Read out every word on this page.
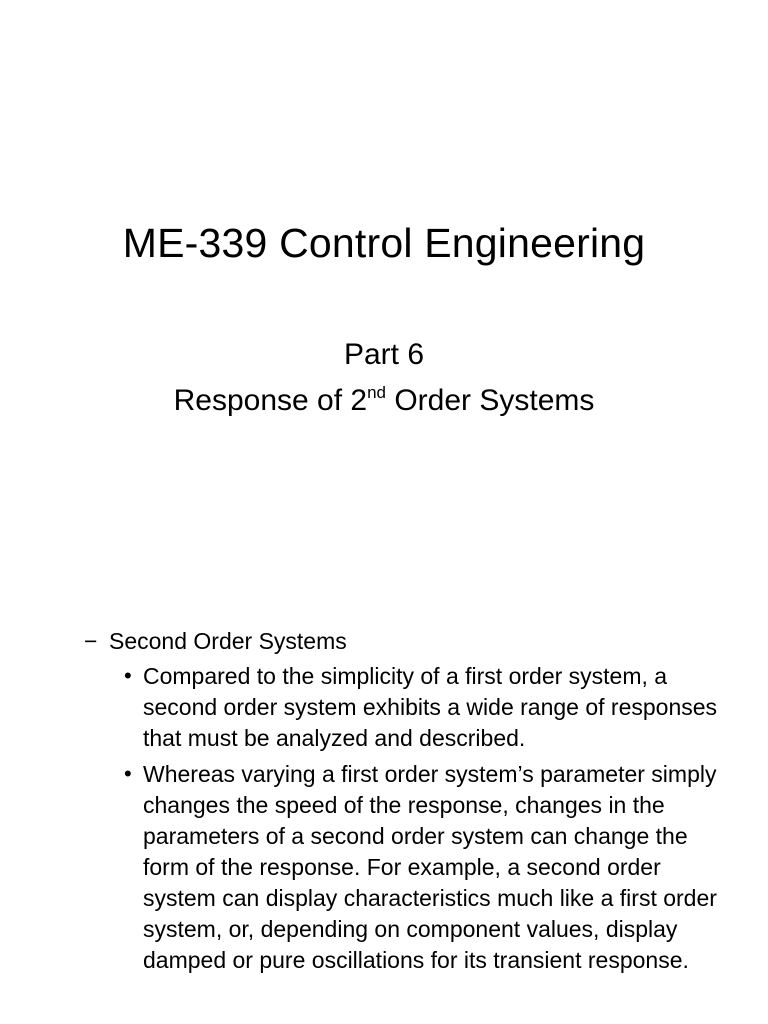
ME-339 Control Engineering
Part 6
Response of 2nd Order Systems
− Second Order Systems
• Compared to the simplicity of a first order system, a second order system exhibits a wide range of responses that must be analyzed and described.
• Whereas varying a first order system’s parameter simply changes the speed of the response, changes in the parameters of a second order system can change the form of the response. For example, a second order system can display characteristics much like a first order system, or, depending on component values, display damped or pure oscillations for its transient response.
